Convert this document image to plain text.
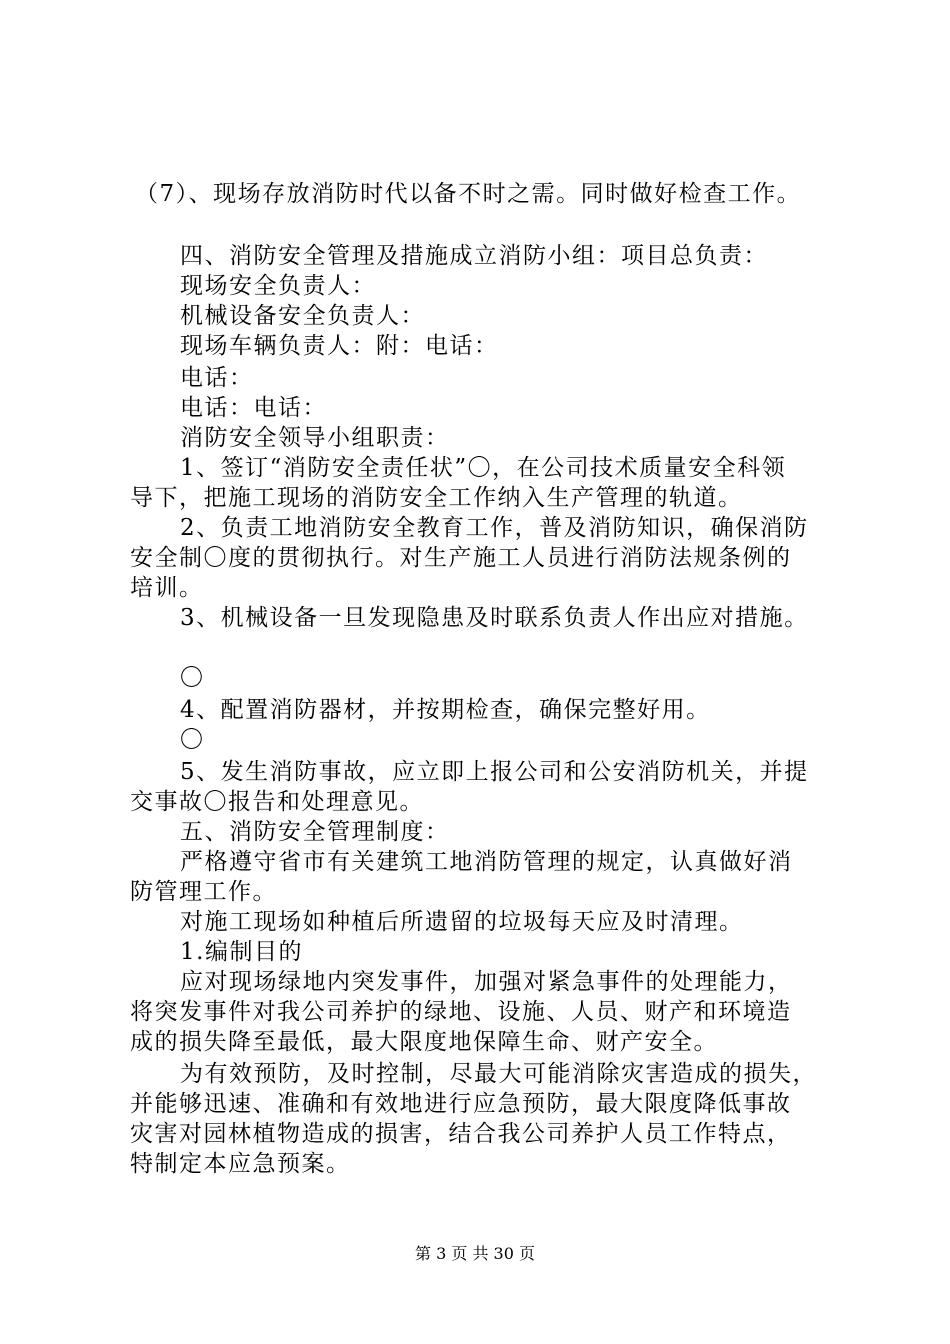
（7）、现场存放消防时代以备不时之需。同时做好检查工作。
四、消防安全管理及措施成立消防小组：项目总负责：
现场安全负责人：
机械设备安全负责人：
现场车辆负责人：附：电话：
电话：
电话：电话：
消防安全领导小组职责：
1、签订“消防安全责任状”〇，在公司技术质量安全科领
导下，把施工现场的消防安全工作纳入生产管理的轨道。
2、负责工地消防安全教育工作，普及消防知识，确保消防
安全制〇度的贯彻执行。对生产施工人员进行消防法规条例的
培训。
3、机械设备一旦发现隐患及时联系负责人作出应对措施。
〇
4、配置消防器材，并按期检查，确保完整好用。
〇
5、发生消防事故，应立即上报公司和公安消防机关，并提
交事故〇报告和处理意见。
五、消防安全管理制度：
严格遵守省市有关建筑工地消防管理的规定，认真做好消
防管理工作。
对施工现场如种植后所遗留的垃圾每天应及时清理。
1.编制目的
应对现场绿地内突发事件，加强对紧急事件的处理能力，
将突发事件对我公司养护的绿地、设施、人员、财产和环境造
成的损失降至最低，最大限度地保障生命、财产安全。
为有效预防，及时控制，尽最大可能消除灾害造成的损失，
并能够迅速、准确和有效地进行应急预防，最大限度降低事故
灾害对园林植物造成的损害，结合我公司养护人员工作特点，
特制定本应急预案。
第 3 页 共 30 页
